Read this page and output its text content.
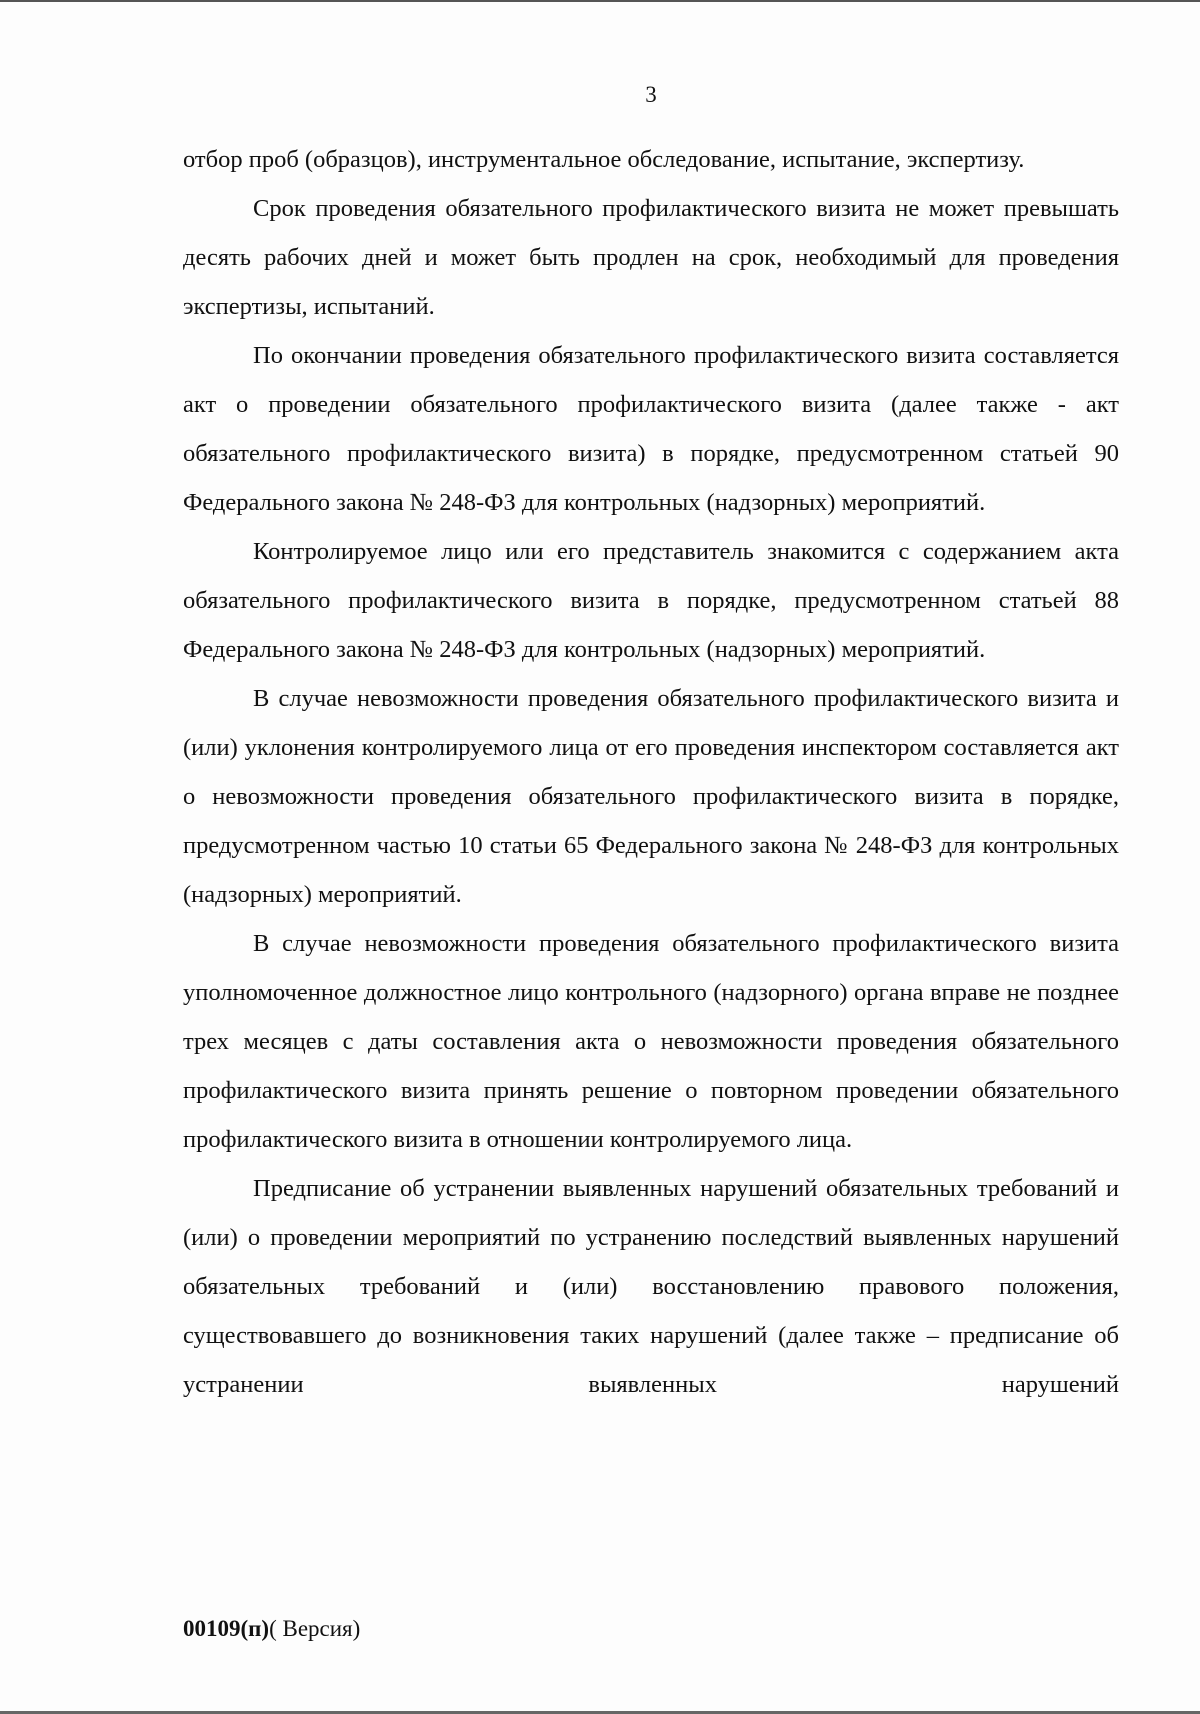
3

отбор проб (образцов), инструментальное обследование, испытание, экспертизу.

Срок проведения обязательного профилактического визита не может превышать десять рабочих дней и может быть продлен на срок, необходимый для проведения экспертизы, испытаний.

По окончании проведения обязательного профилактического визита составляется акт о проведении обязательного профилактического визита (далее также - акт обязательного профилактического визита) в порядке, предусмотренном статьей 90 Федерального закона № 248-ФЗ для контрольных (надзорных) мероприятий.

Контролируемое лицо или его представитель знакомится с содержанием акта обязательного профилактического визита в порядке, предусмотренном статьей 88 Федерального закона № 248-ФЗ для контрольных (надзорных) мероприятий.

В случае невозможности проведения обязательного профилактического визита и (или) уклонения контролируемого лица от его проведения инспектором составляется акт о невозможности проведения обязательного профилактического визита в порядке, предусмотренном частью 10 статьи 65 Федерального закона № 248-ФЗ для контрольных (надзорных) мероприятий.

В случае невозможности проведения обязательного профилактического визита уполномоченное должностное лицо контрольного (надзорного) органа вправе не позднее трех месяцев с даты составления акта о невозможности проведения обязательного профилактического визита принять решение о повторном проведении обязательного профилактического визита в отношении контролируемого лица.

Предписание об устранении выявленных нарушений обязательных требований и (или) о проведении мероприятий по устранению последствий выявленных нарушений обязательных требований и (или) восстановлению правового положения, существовавшего до возникновения таких нарушений (далее также – предписание об устранении выявленных нарушений

00109(п)( Версия)
